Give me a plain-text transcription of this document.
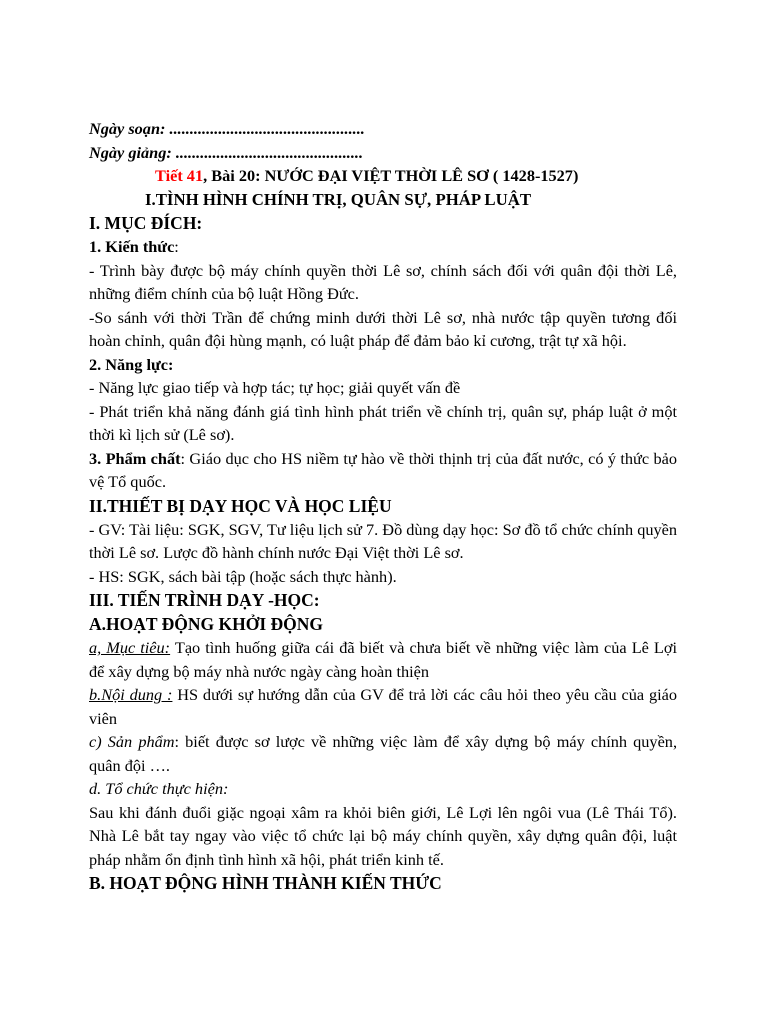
Ngày soạn: ................................................

Ngày giảng: ..............................................

Tiết 41, Bài 20: NƯỚC ĐẠI VIỆT THỜI LÊ SƠ ( 1428-1527)

I.TÌNH HÌNH CHÍNH TRỊ, QUÂN SỰ, PHÁP LUẬT

I. MỤC ĐÍCH:

1. Kiến thức:

- Trình bày được bộ máy chính quyền thời Lê sơ, chính sách đối với quân đội thời Lê, những điểm chính của bộ luật Hồng Đức.

-So sánh với thời Trần để chứng minh dưới thời Lê sơ, nhà nước tập quyền tương đối hoàn chỉnh, quân đội hùng mạnh, có luật pháp để đảm bảo kỉ cương, trật tự xã hội.

2. Năng lực:

- Năng lực giao tiếp và hợp tác; tự học; giải quyết vấn đề

- Phát triển khả năng đánh giá tình hình phát triển về chính trị, quân sự, pháp luật ở một thời kì lịch sử (Lê sơ).

3. Phẩm chất: Giáo dục cho HS niềm tự hào về thời thịnh trị của đất nước, có ý thức bảo vệ Tổ quốc.

II.THIẾT BỊ DẠY HỌC VÀ HỌC LIỆU

- GV: Tài liệu: SGK, SGV, Tư liệu lịch sử 7. Đồ dùng dạy học: Sơ đồ tổ chức chính quyền thời Lê sơ. Lược đồ hành chính nước Đại Việt thời Lê sơ.

- HS: SGK, sách bài tập (hoặc sách thực hành).

III. TIẾN TRÌNH DẠY -HỌC:

A.HOẠT ĐỘNG KHỞI ĐỘNG

a, Mục tiêu: Tạo tình huống giữa cái đã biết và chưa biết về những việc làm của Lê Lợi để xây dựng bộ máy nhà nước ngày càng hoàn thiện

b.Nội dung : HS dưới sự hướng dẫn của GV để trả lời các câu hỏi theo yêu cầu của giáo viên

c) Sản phẩm: biết được sơ lược về những việc làm để xây dựng bộ máy chính quyền, quân đội ….

d. Tổ chức thực hiện:

Sau khi đánh đuổi giặc ngoại xâm ra khỏi biên giới, Lê Lợi lên ngôi vua (Lê Thái Tổ). Nhà Lê bắt tay ngay vào việc tổ chức lại bộ máy chính quyền, xây dựng quân đội, luật pháp nhằm ổn định tình hình xã hội, phát triển kinh tế.

B. HOẠT ĐỘNG HÌNH THÀNH KIẾN THỨC
